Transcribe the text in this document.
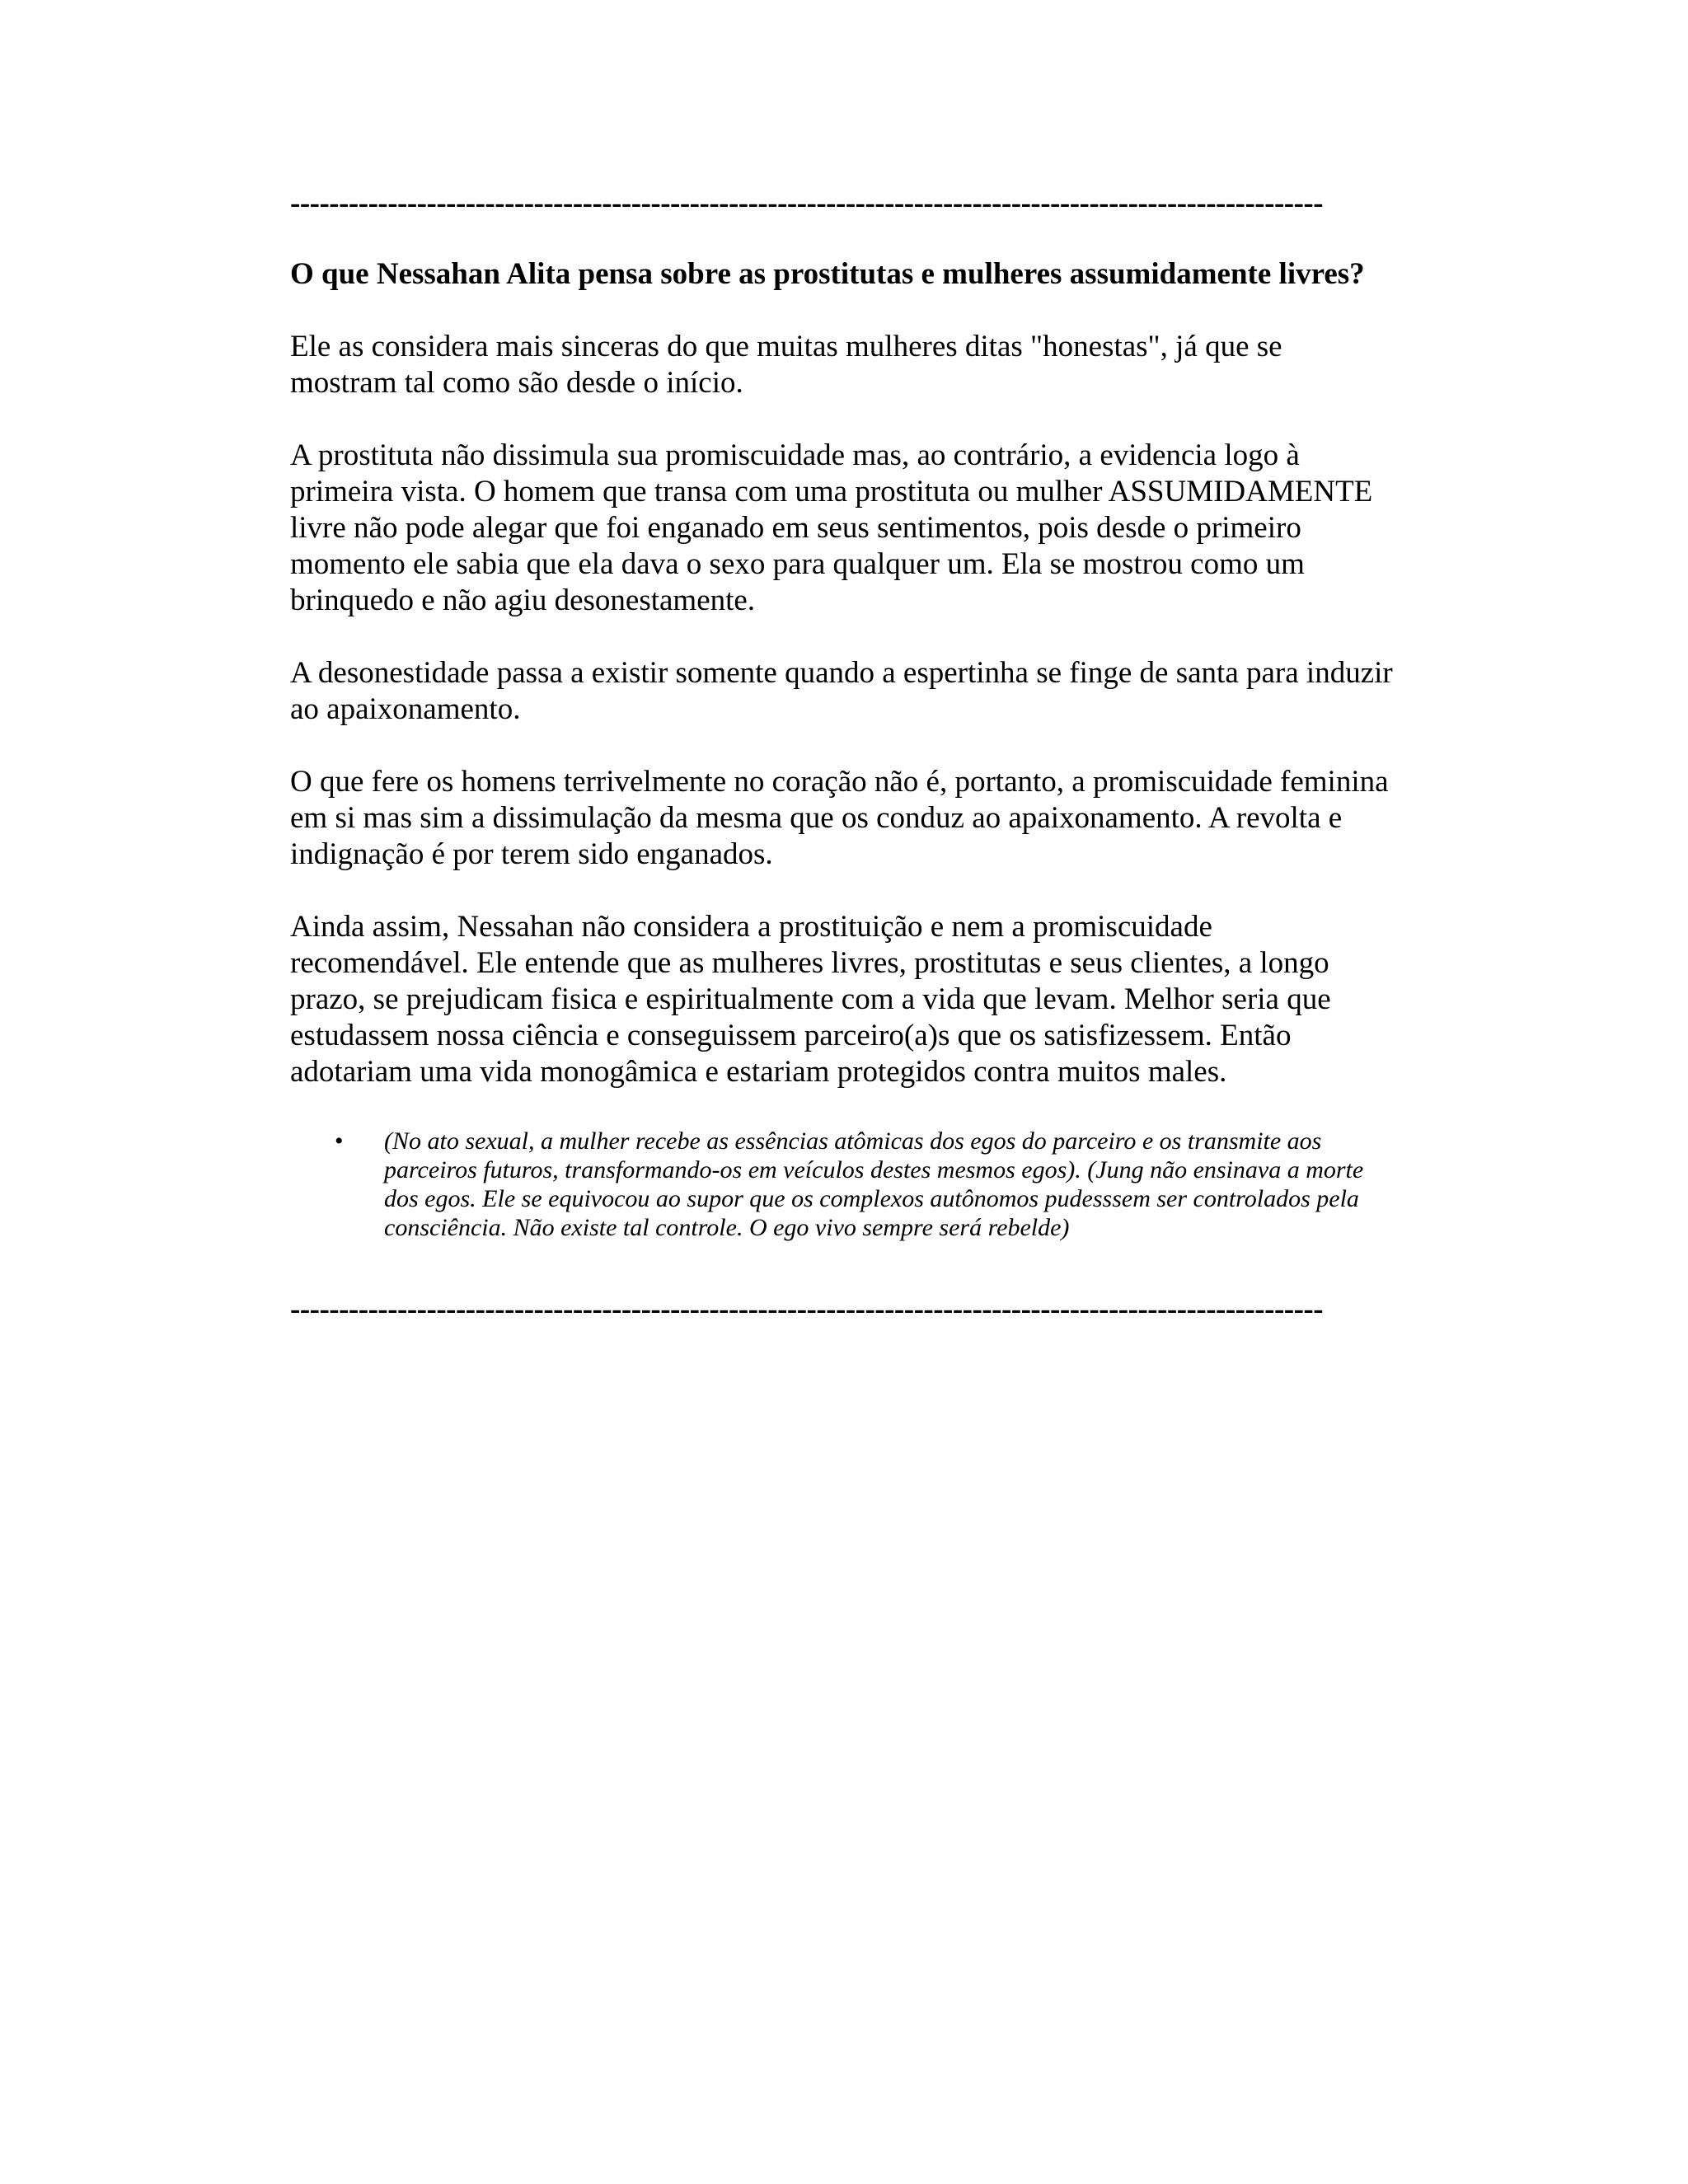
----------------------------------------------------------------------------------------------------------

O que Nessahan Alita pensa sobre as prostitutas e mulheres assumidamente livres?

Ele as considera mais sinceras do que muitas mulheres ditas "honestas", já que se mostram tal como são desde o início.

A prostituta não dissimula sua promiscuidade mas, ao contrário, a evidencia logo à primeira vista. O homem que transa com uma prostituta ou mulher ASSUMIDAMENTE livre não pode alegar que foi enganado em seus sentimentos, pois desde o primeiro momento ele sabia que ela dava o sexo para qualquer um. Ela se mostrou como um brinquedo e não agiu desonestamente.

A desonestidade passa a existir somente quando a espertinha se finge de santa para induzir ao apaixonamento.

O que fere os homens terrivelmente no coração não é, portanto, a promiscuidade feminina em si mas sim a dissimulação da mesma que os conduz ao apaixonamento. A revolta e indignação é por terem sido enganados.

Ainda assim, Nessahan não considera a prostituição e nem a promiscuidade recomendável. Ele entende que as mulheres livres, prostitutas e seus clientes, a longo prazo, se prejudicam fisica e espiritualmente com a vida que levam. Melhor seria que estudassem nossa ciência e conseguissem parceiro(a)s que os satisfizessem. Então adotariam uma vida monogâmica e estariam protegidos contra muitos males.

• (No ato sexual, a mulher recebe as essências atômicas dos egos do parceiro e os transmite aos parceiros futuros, transformando-os em veículos destes mesmos egos). (Jung não ensinava a morte dos egos. Ele se equivocou ao supor que os complexos autônomos pudesssem ser controlados pela consciência. Não existe tal controle. O ego vivo sempre será rebelde)
----------------------------------------------------------------------------------------------------------
